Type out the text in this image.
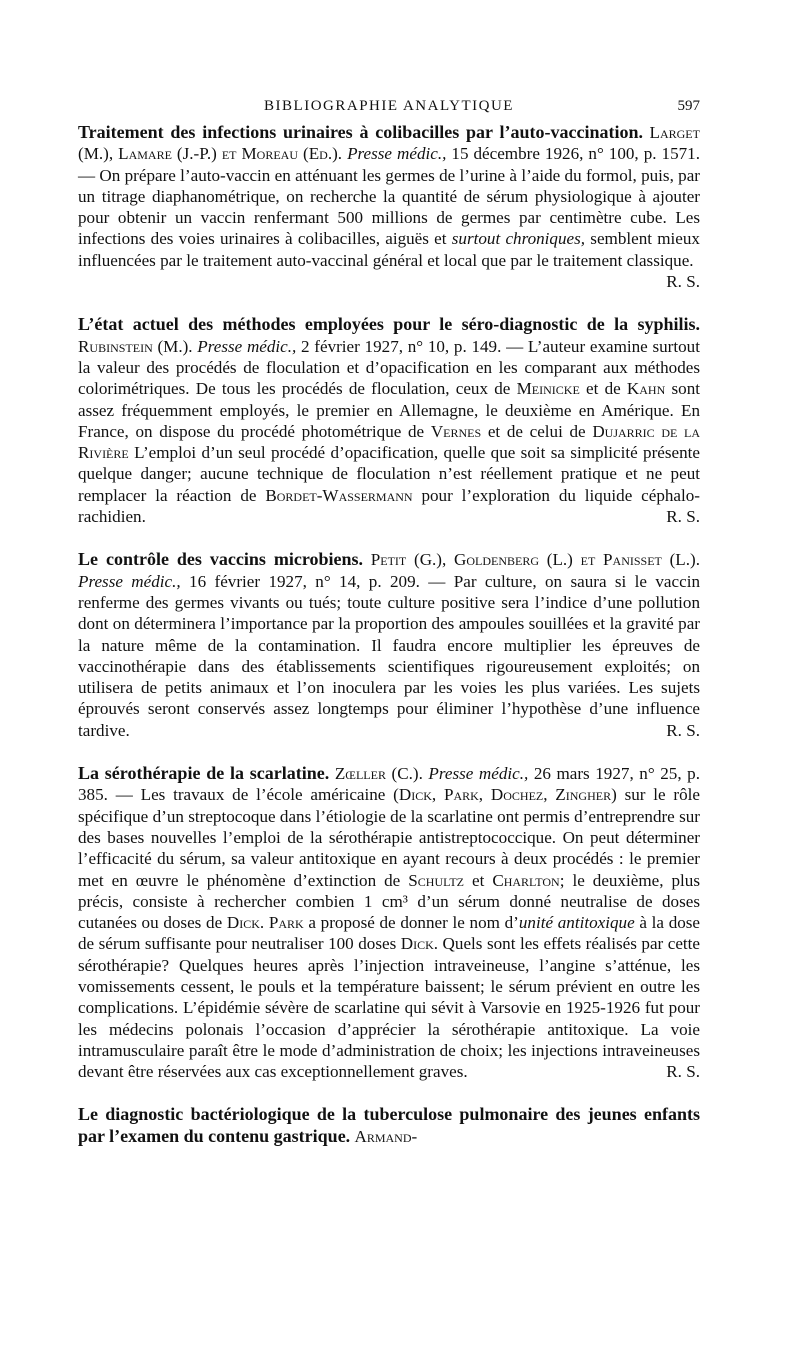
BIBLIOGRAPHIE ANALYTIQUE	597

Traitement des infections urinaires à colibacilles par l’auto-vaccination. Larget (M.), Lamare (J.-P.) et Moreau (Ed.). Presse médic., 15 décembre 1926, n° 100, p. 1571. — On prépare l’auto-vaccin en atténuant les germes de l’urine à l’aide du formol, puis, par un titrage diaphanométrique, on recherche la quantité de sérum physiologique à ajouter pour obtenir un vaccin renfermant 500 millions de germes par centimètre cube. Les infections des voies urinaires à colibacilles, aiguës et surtout chroniques, semblent mieux influencées par le traitement auto-vaccinal général et local que par le traitement classique.
R. S.

L’état actuel des méthodes employées pour le séro-diagnostic de la syphilis. Rubinstein (M.). Presse médic., 2 février 1927, n° 10, p. 149. — L’auteur examine surtout la valeur des procédés de floculation et d’opacification en les comparant aux méthodes colorimétriques. De tous les procédés de floculation, ceux de Meinicke et de Kahn sont assez fréquemment employés, le premier en Allemagne, le deuxième en Amérique. En France, on dispose du procédé photométrique de Vernes et de celui de Dujarric de la Rivière L’emploi d’un seul procédé d’opacification, quelle que soit sa simplicité présente quelque danger; aucune technique de floculation n’est réellement pratique et ne peut remplacer la réaction de Bordet-Wassermann pour l’exploration du liquide céphalo-rachidien.	R. S.

Le contrôle des vaccins microbiens. Petit (G.), Goldenberg (L.) et Panisset (L.). Presse médic., 16 février 1927, n° 14, p. 209. — Par culture, on saura si le vaccin renferme des germes vivants ou tués; toute culture positive sera l’indice d’une pollution dont on déterminera l’importance par la proportion des ampoules souillées et la gravité par la nature même de la contamination. Il faudra encore multiplier les épreuves de vaccinothérapie dans des établissements scientifiques rigoureusement exploités; on utilisera de petits animaux et l’on inoculera par les voies les plus variées. Les sujets éprouvés seront conservés assez longtemps pour éliminer l’hypothèse d’une influence tardive.	R. S.

La sérothérapie de la scarlatine. Zœller (C.). Presse médic., 26 mars 1927, n° 25, p. 385. — Les travaux de l’école américaine (Dick, Park, Dochez, Zingher) sur le rôle spécifique d’un streptocoque dans l’étiologie de la scarlatine ont permis d’entreprendre sur des bases nouvelles l’emploi de la sérothérapie antistreptococcique. On peut déterminer l’efficacité du sérum, sa valeur antitoxique en ayant recours à deux procédés : le premier met en œuvre le phénomène d’extinction de Schultz et Charlton; le deuxième, plus précis, consiste à rechercher combien 1 cm³ d’un sérum donné neutralise de doses cutanées ou doses de Dick. Park a proposé de donner le nom d’unité antitoxique à la dose de sérum suffisante pour neutraliser 100 doses Dick. Quels sont les effets réalisés par cette sérothérapie? Quelques heures après l’injection intraveineuse, l’angine s’atténue, les vomissements cessent, le pouls et la température baissent; le sérum prévient en outre les complications. L’épidémie sévère de scarlatine qui sévit à Varsovie en 1925-1926 fut pour les médecins polonais l’occasion d’apprécier la sérothérapie antitoxique. La voie intramusculaire paraît être le mode d’administration de choix; les injections intraveineuses devant être réservées aux cas exceptionnellement graves.	R. S.

Le diagnostic bactériologique de la tuberculose pulmonaire des jeunes enfants par l’examen du contenu gastrique. Armand-
